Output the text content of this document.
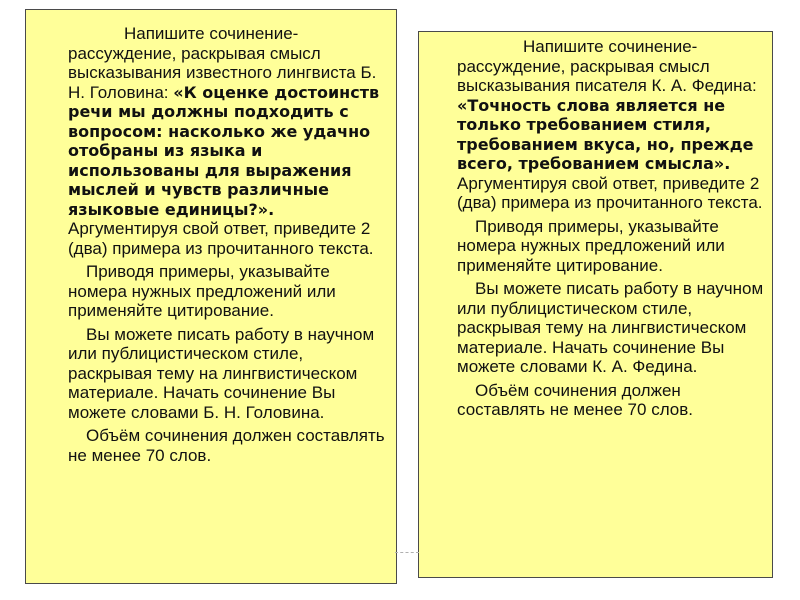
Напишите сочинение-рассуждение, раскрывая смысл высказывания известного лингвиста Б. Н. Головина: «К оценке достоинств речи мы должны подходить с вопросом: насколько же удачно отобраны из языка и использованы для выражения мыслей и чувств различные языковые единицы?». Аргументируя свой ответ, приведите 2 (два) примера из прочитанного текста.

Приводя примеры, указывайте номера нужных предложений или применяйте цитирование.

Вы можете писать работу в научном или публицистическом стиле, раскрывая тему на лингвистическом материале. Начать сочинение Вы можете словами Б. Н. Головина.

Объём сочинения должен составлять не менее 70 слов.

Напишите сочинение-рассуждение, раскрывая смысл высказывания писателя К. А. Федина: «Точность слова является не только требованием стиля, требованием вкуса, но, прежде всего, требованием смысла». Аргументируя свой ответ, приведите 2 (два) примера из прочитанного текста.

Приводя примеры, указывайте номера нужных предложений или применяйте цитирование.

Вы можете писать работу в научном или публицистическом стиле, раскрывая тему на лингвистическом материале. Начать сочинение Вы можете словами К. А. Федина.

Объём сочинения должен составлять не менее 70 слов.
